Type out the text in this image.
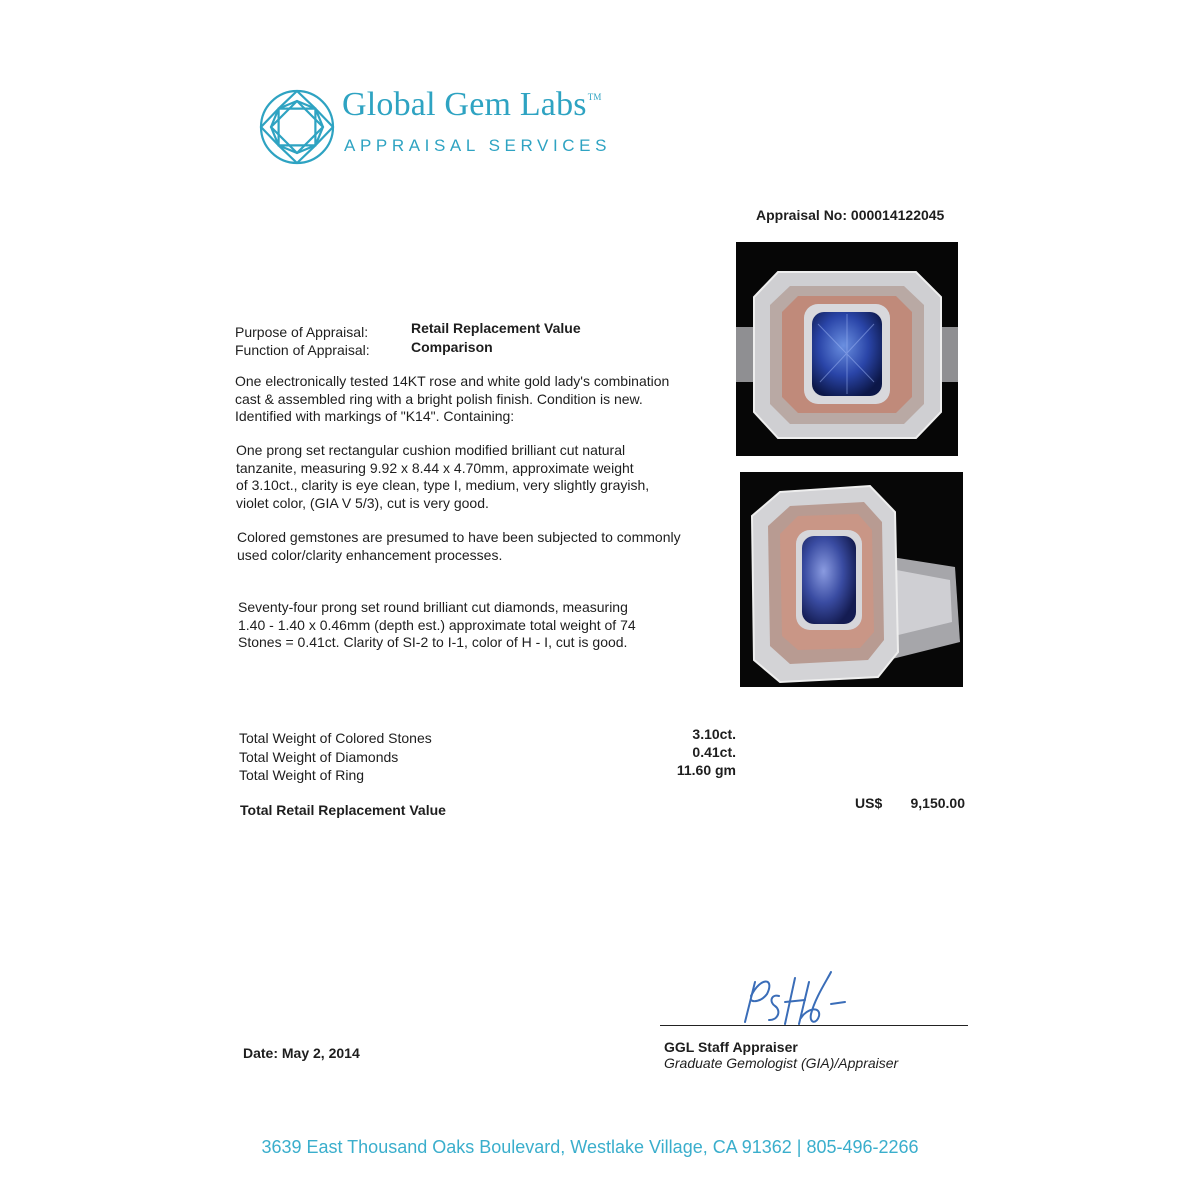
Global Gem Labs™
APPRAISAL SERVICES
Appraisal No: 000014122045
Purpose of Appraisal:	Retail Replacement Value
Function of Appraisal:	Comparison
One electronically tested 14KT rose and white gold lady's combination
cast & assembled ring with a bright polish finish. Condition is new.
Identified with markings of "K14". Containing:
One prong set rectangular cushion modified brilliant cut natural
tanzanite, measuring 9.92 x 8.44 x 4.70mm, approximate weight
of 3.10ct., clarity is eye clean, type I, medium, very slightly grayish,
violet color, (GIA V 5/3), cut is very good.
Colored gemstones are presumed to have been subjected to commonly
used color/clarity enhancement processes.
Seventy-four prong set round brilliant cut diamonds, measuring
1.40 - 1.40 x 0.46mm (depth est.) approximate total weight of 74
Stones = 0.41ct. Clarity of SI-2 to I-1, color of H - I, cut is good.
Total Weight of Colored Stones	3.10ct.
Total Weight of Diamonds	0.41ct.
Total Weight of Ring	11.60 gm
Total Retail Replacement Value	US$	9,150.00
GGL Staff Appraiser
Graduate Gemologist (GIA)/Appraiser
Date: May 2, 2014
3639 East Thousand Oaks Boulevard, Westlake Village, CA 91362 | 805-496-2266
